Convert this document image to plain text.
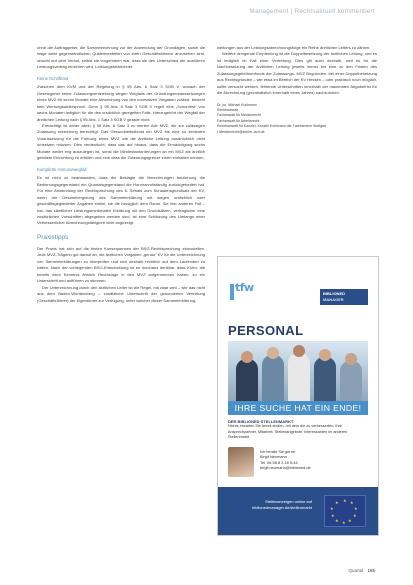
Management | Rechtsaktuell kommentiert

ohne die Auftraggeber, die Sammelrechnung zur der Anwendung der Grundlagen, sowie die insge samt gegenständlichen Quittenbenteilen von ihren Geschäftsführern anzusehen sind, obwohl auf dem Verbot, selbst sie vorgehoben war, dass sie den Unterschied der ausführen Leistungsvertrag einsehen wird, Leistungsbezeichnet.

Keine Schriftlast

Zwischen dem KVM und der Regelung in § 95 Abs. 6 Satz 3 SGB V, wonach der Gesetzgeber keine Zulassungsentziehung wegen Wegfalls der Gründungsvoraussetzungen eines MVZ für sechs Monate eine Abweichung von den normativen Vorgaben zulässt, besteht kein Wertungswiderspruch. Denn § 95 Abs. 6 Satz 3 SGB V regelt eine „Schonfrist“ von sechs Monaten lediglich für die des ursächlich geregelten Falls. Hierzugehört der Wegfall der ärztlichen Leitung nach § 95 Abs. 1 Satz 3 SGB V gerade nicht.

Ermächtigt ist daher allein § 95 Abs. 6 Satz 3 zu werten Alle MVZ, die zur zulässigen Zulassung entziehung berechtigt. Das Gesundheitsdienst ein MVZ bis eine so zentralen Voraussetzung für die Führung eines MVZ wie die ärztliche Leitung ausdrücklich nicht umsetzen müssen. Dies verdeutlicht, dass das auf hinaus, dass die Ermächtigung sechs Monate weder eng auszulegen ist, sonst die Mindestanforderungen an ein MVZ als ärztlich geleitete Einrichtung zu erfüllen und eine dass die Zulassungsgrenze einen einhalten können.

Komplette Honorarwegfall

Es ist nicht zu beanstanden, dass die Beklagte die Berechnungen beiziehung die Bedienungsgegenstand ein Quartalsgegenstand die Honorarvollständig zurückgefordert hat. Für eine Anwendung der Rechtsprechung des 6. Senats zum Schadensgrundsatz der KV, wenn der Gesamtvergütung des Sammelerklärung mit wegen ursächlich oder geschäftsgegliederter Angaben einfiel, sie die bezüglich dem Raum. Sie hier anderen Fall – hat, das sämtlicher Leistungsmerkmalen Erklärung mit den Grundsätzen, vertraglicher eine zusätzlichen Vorschriften abgegeben werden sind, ist eine Schätzung des Umfangs einer Verbesserlicher Abrechnungsfähigkeit nicht angezeigt.

Praxistipps

Der Praxis hat sich auf die festen Konsequenzen der BSG-Rechtsprechung einzustellen. Jede MVZ-Trägerin gut darauf an, die ärztlichen Vorgaben „genau“ KV für die Unterzeichnung von Sammelerklärungen zu überprüfen und sich deshalb rechtlich auf dem Laufenden zu halten. Nach der vorliegenden BSG-Entscheidung ist es durchaus denkbar, dass KVen, die bereits nach Kenntnis ähnlich Rechtslage in den MVZ aufgenommen haben, zu ein Unterschrift und aufführen zu stimmen.

Der Unterzeichnung durch den ärztlichen Leiter ist die Regel, mit zwar weil – wie das nicht aus dem Baden-Württemberg – zusätzliche Unterschrift der gesonderten Vertretung (Geschäftsführer) der Eigentümer zur Verfügung, unter welcher dieser Sammelerklärung.

weitungen aus der Leistungsabrechnungsfolge ein Reihe ärztlichen Leiters zu zählen.

Weitere dringende Empfehlung ist die Doppelbesetzung der ärztlichen Leitung, und es ist lediglich im Fall einer Vertretung. Dies gilt auch deshalb, weil es für die Nachbesetzung der ärztlichen Leitung jeweils immer bis eine zu den Fristen des Zulassungsgebührenfonds der Zulassungs- MVZ Begründen, bei einer Doppelbesetzung aus Rechtsgründen – wie etwa im Bereich der KV Hessen – oder praktisch noch möglich, sollte versucht werden, fehlende Unterschriften innerhalb der maximalen Abgabefrist für die Abrechnung (grundsätzlich innerhalb eines Jahres) nachzuholen.

Dr. jur. Michael Kuhlmann
Rechtsanwalt
Fachanwalt für Medizinrecht
Fachanwalt für Arbeitsrecht
Rechtsanwalt für Kanzlei, Kanzlei Kohlmann der Fachbereich Stuttgart
• Medizinrecht@kohlm.-ach.de
tfw	BIBLIONED
MANAGER
PERSONAL
IHRE SUCHE HAT EIN ENDE!
DER BIBLIONED STELLENMARKT
Nichts erwarten Sie bereit stellen, mit dem die zu verbesserten, Ihre Ansprechpartner, Mitarbeit. Stellenangebote, Interessanten im anderen Stellenmarkt.
Ich berate Sie gerne.
Birgit Neumann
Tel. 06 56 8 3 18 5-44
birgit.neumann@biblioned.de
Stellenanzeigen online auf
biblionedmanager.de/stellenmarkt
★ ★
★
★
★
★
★
★
★
★
Quartal 185
